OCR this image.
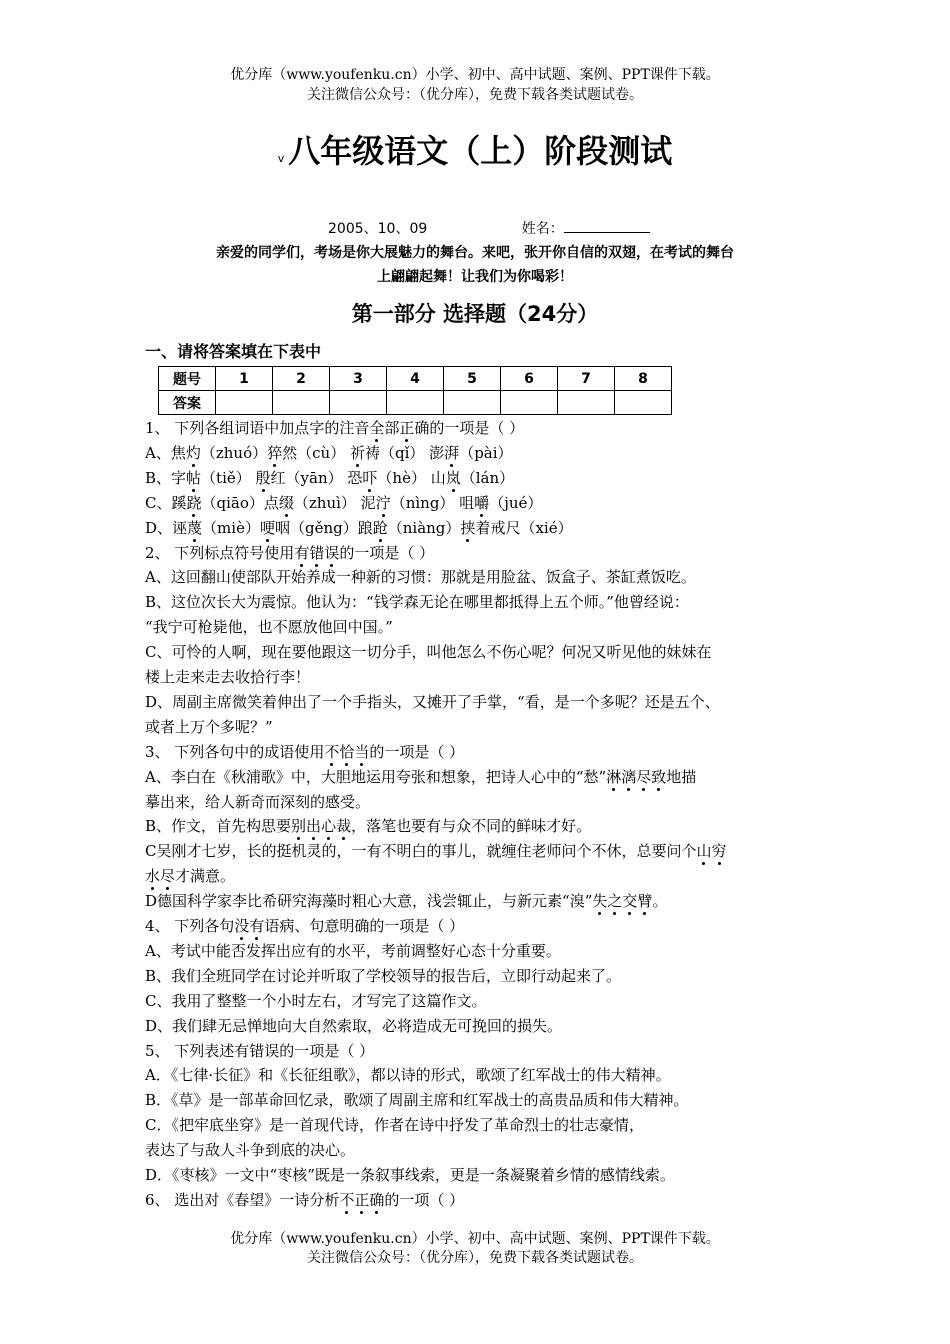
优分库（www.youfenku.cn）小学、初中、高中试题、案例、PPT课件下载。
关注微信公众号：（优分库），免费下载各类试题试卷。
v 八年级语文（上）阶段测试
2005、10、09	姓名：
亲爱的同学们，考场是你大展魅力的舞台。来吧，张开你自信的双翅，在考试的舞台
上翩翩起舞！让我们为你喝彩！
第一部分 选择题（24分）
一、请将答案填在下表中
题号	1	2	3	4	5	6	7	8
答案								
1、 下列各组词语中加点字的注音全部正确的一项是（ ）
A、焦灼（zhuó）猝然（cù） 祈祷（qǐ） 澎湃（pài）
B、字帖（tiě） 殷红（yān） 恐吓（hè） 山岚（lán）
C、蹊跷（qiāo）点缀（zhuì） 泥泞（nìng） 咀嚼（jué）
D、诬蔑（miè）哽咽（gěng）踉跄（niàng）挟着戒尺（xié）
2、 下列标点符号使用有错误的一项是（ ）
A、这回翻山使部队开始养成一种新的习惯：那就是用脸盆、饭盒子、茶缸煮饭吃。
B、这位次长大为震惊。他认为：“钱学森无论在哪里都抵得上五个师。”他曾经说：
“我宁可枪毙他，也不愿放他回中国。”
C、可怜的人啊，现在要他跟这一切分手，叫他怎么不伤心呢？何况又听见他的妹妹在
楼上走来走去收拾行李！
D、周副主席微笑着伸出了一个手指头，又摊开了手掌，“看，是一个多呢？还是五个、
或者上万个多呢？”
3、 下列各句中的成语使用不恰当的一项是（ ）
A、李白在《秋浦歌》中，大胆地运用夸张和想象，把诗人心中的“愁”淋漓尽致地描
摹出来，给人新奇而深刻的感受。
B、作文，首先构思要别出心裁，落笔也要有与众不同的鲜味才好。
C吴刚才七岁，长的挺机灵的，一有不明白的事儿，就缠住老师问个不休，总要问个山穷
水尽才满意。
D德国科学家李比希研究海藻时粗心大意，浅尝辄止，与新元素“溴”失之交臂。
4、 下列各句没有语病、句意明确的一项是（ ）
A、考试中能否发挥出应有的水平，考前调整好心态十分重要。
B、我们全班同学在讨论并听取了学校领导的报告后，立即行动起来了。
C、我用了整整一个小时左右，才写完了这篇作文。
D、我们肆无忌惮地向大自然索取，必将造成无可挽回的损失。
5、 下列表述有错误的一项是（ ）
A．《七律·长征》和《长征组歌》，都以诗的形式，歌颂了红军战士的伟大精神。
B．《草》是一部革命回忆录，歌颂了周副主席和红军战士的高贵品质和伟大精神。
C．《把牢底坐穿》是一首现代诗，作者在诗中抒发了革命烈士的壮志豪情，
表达了与敌人斗争到底的决心。
D．《枣核》一文中“枣核”既是一条叙事线索，更是一条凝聚着乡情的感情线索。
6、 选出对《春望》一诗分析不正确的一项（ ）
优分库（www.youfenku.cn）小学、初中、高中试题、案例、PPT课件下载。
关注微信公众号：（优分库），免费下载各类试题试卷。
